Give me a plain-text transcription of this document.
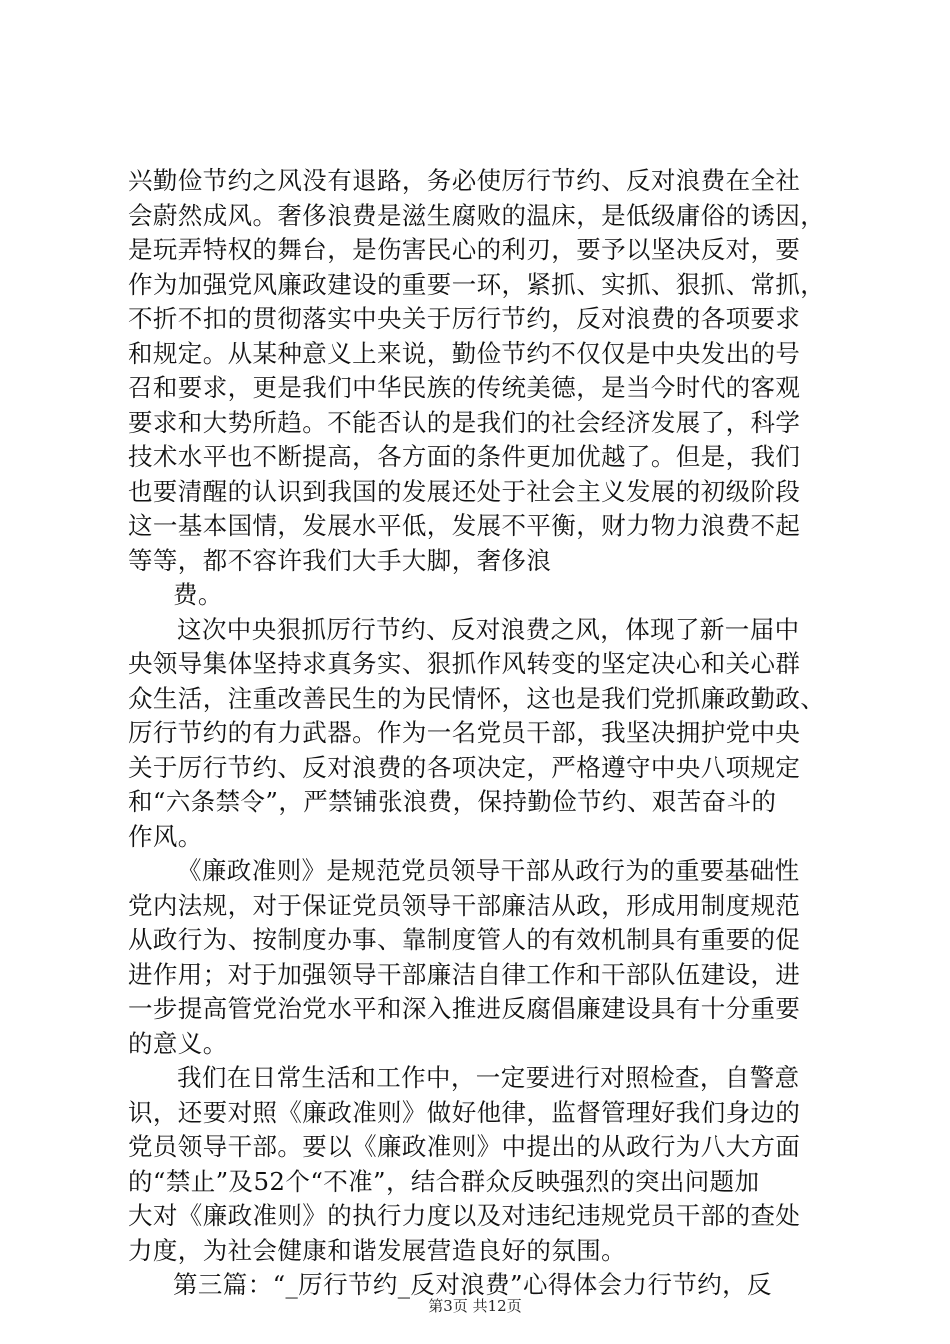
兴勤俭节约之风没有退路，务必使厉行节约、反对浪费在全社
会蔚然成风。奢侈浪费是滋生腐败的温床，是低级庸俗的诱因，
是玩弄特权的舞台，是伤害民心的利刃，要予以坚决反对，要
作为加强党风廉政建设的重要一环，紧抓、实抓、狠抓、常抓，
不折不扣的贯彻落实中央关于厉行节约，反对浪费的各项要求
和规定。从某种意义上来说，勤俭节约不仅仅是中央发出的号
召和要求，更是我们中华民族的传统美德，是当今时代的客观
要求和大势所趋。不能否认的是我们的社会经济发展了，科学
技术水平也不断提高，各方面的条件更加优越了。但是，我们
也要清醒的认识到我国的发展还处于社会主义发展的初级阶段
这一基本国情，发展水平低，发展不平衡，财力物力浪费不起
等等，都不容许我们大手大脚，奢侈浪
费。
这次中央狠抓厉行节约、反对浪费之风，体现了新一届中
央领导集体坚持求真务实、狠抓作风转变的坚定决心和关心群
众生活，注重改善民生的为民情怀，这也是我们党抓廉政勤政、
厉行节约的有力武器。作为一名党员干部，我坚决拥护党中央
关于厉行节约、反对浪费的各项决定，严格遵守中央八项规定
和“六条禁令”，严禁铺张浪费，保持勤俭节约、艰苦奋斗的
作风。
《廉政准则》是规范党员领导干部从政行为的重要基础性
党内法规，对于保证党员领导干部廉洁从政，形成用制度规范
从政行为、按制度办事、靠制度管人的有效机制具有重要的促
进作用；对于加强领导干部廉洁自律工作和干部队伍建设，进
一步提高管党治党水平和深入推进反腐倡廉建设具有十分重要
的意义。
我们在日常生活和工作中，一定要进行对照检查，自警意
识，还要对照《廉政准则》做好他律，监督管理好我们身边的
党员领导干部。要以《廉政准则》中提出的从政行为八大方面
的“禁止”及52个“不准”，结合群众反映强烈的突出问题加
大对《廉政准则》的执行力度以及对违纪违规党员干部的查处
力度，为社会健康和谐发展营造良好的氛围。
第三篇：“_厉行节约_反对浪费”心得体会力行节约，反
第3页 共12页
